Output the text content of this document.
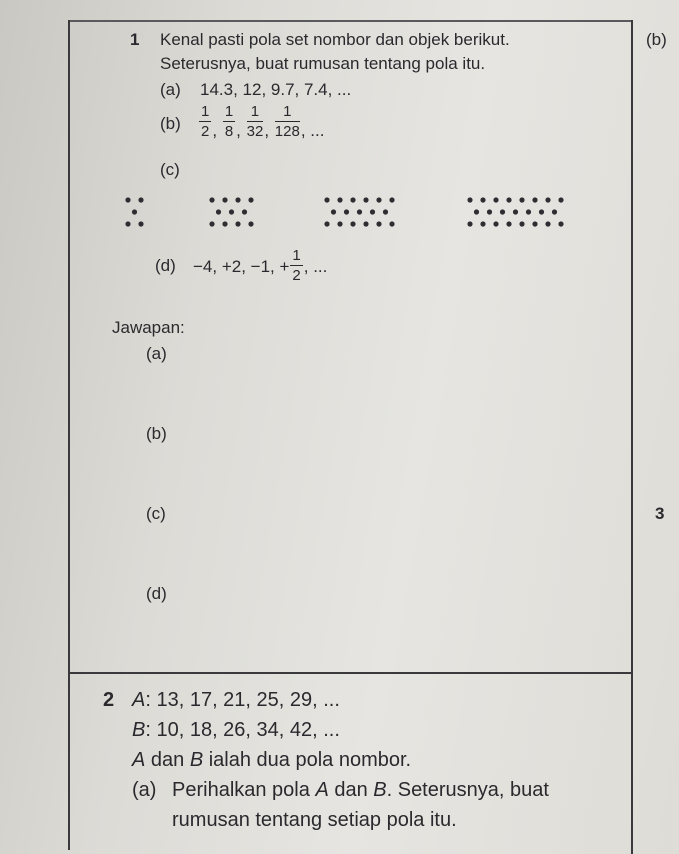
1 Kenal pasti pola set nombor dan objek berikut.
Seterusnya, buat rumusan tentang pola itu.
(a) 14.3, 12, 9.7, 7.4, ...
$(b) \frac{1}{2}$ , $\frac{1}{8}$ , $\frac{1}{32}$ , $\frac{1}{128}$ , ...
(c)
(d) −4, +2, −1, + $\frac{1}{2}$ , ...
Jawapan:
(a)
(b)
(c)
(d)
(b)
3
2 A: 13, 17, 21, 25, 29, ...
B: 10, 18, 26, 34, 42, ...
A dan B ialah dua pola nombor.
(a) Perihalkan pola A dan B. Seterusnya, buat
rumusan tentang setiap pola itu.
